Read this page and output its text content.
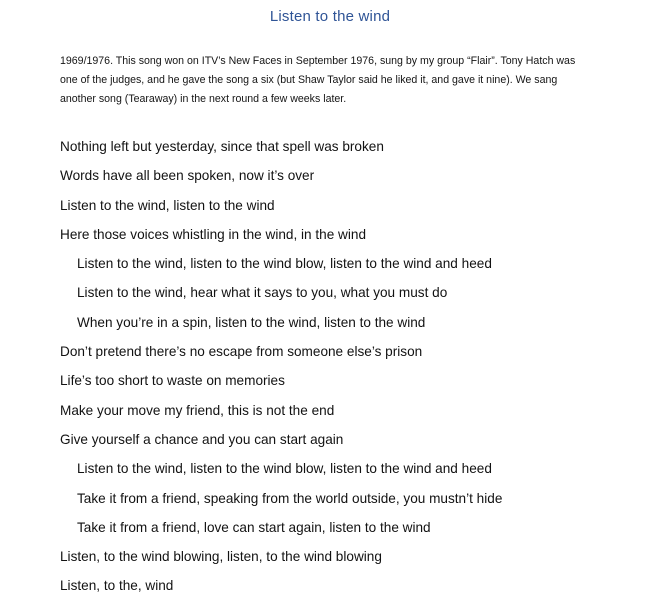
Listen to the wind
1969/1976. This song won on ITV’s New Faces in September 1976, sung by my group “Flair”. Tony Hatch was
one of the judges, and he gave the song a six (but Shaw Taylor said he liked it, and gave it nine). We sang
another song (Tearaway) in the next round a few weeks later.
Nothing left but yesterday, since that spell was broken
Words have all been spoken, now it’s over
Listen to the wind, listen to the wind
Here those voices whistling in the wind, in the wind
Listen to the wind, listen to the wind blow, listen to the wind and heed
Listen to the wind, hear what it says to you, what you must do
When you’re in a spin, listen to the wind, listen to the wind
Don’t pretend there’s no escape from someone else’s prison
Life’s too short to waste on memories
Make your move my friend, this is not the end
Give yourself a chance and you can start again
Listen to the wind, listen to the wind blow, listen to the wind and heed
Take it from a friend, speaking from the world outside, you mustn’t hide
Take it from a friend, love can start again, listen to the wind
Listen, to the wind blowing, listen, to the wind blowing
Listen, to the, wind
